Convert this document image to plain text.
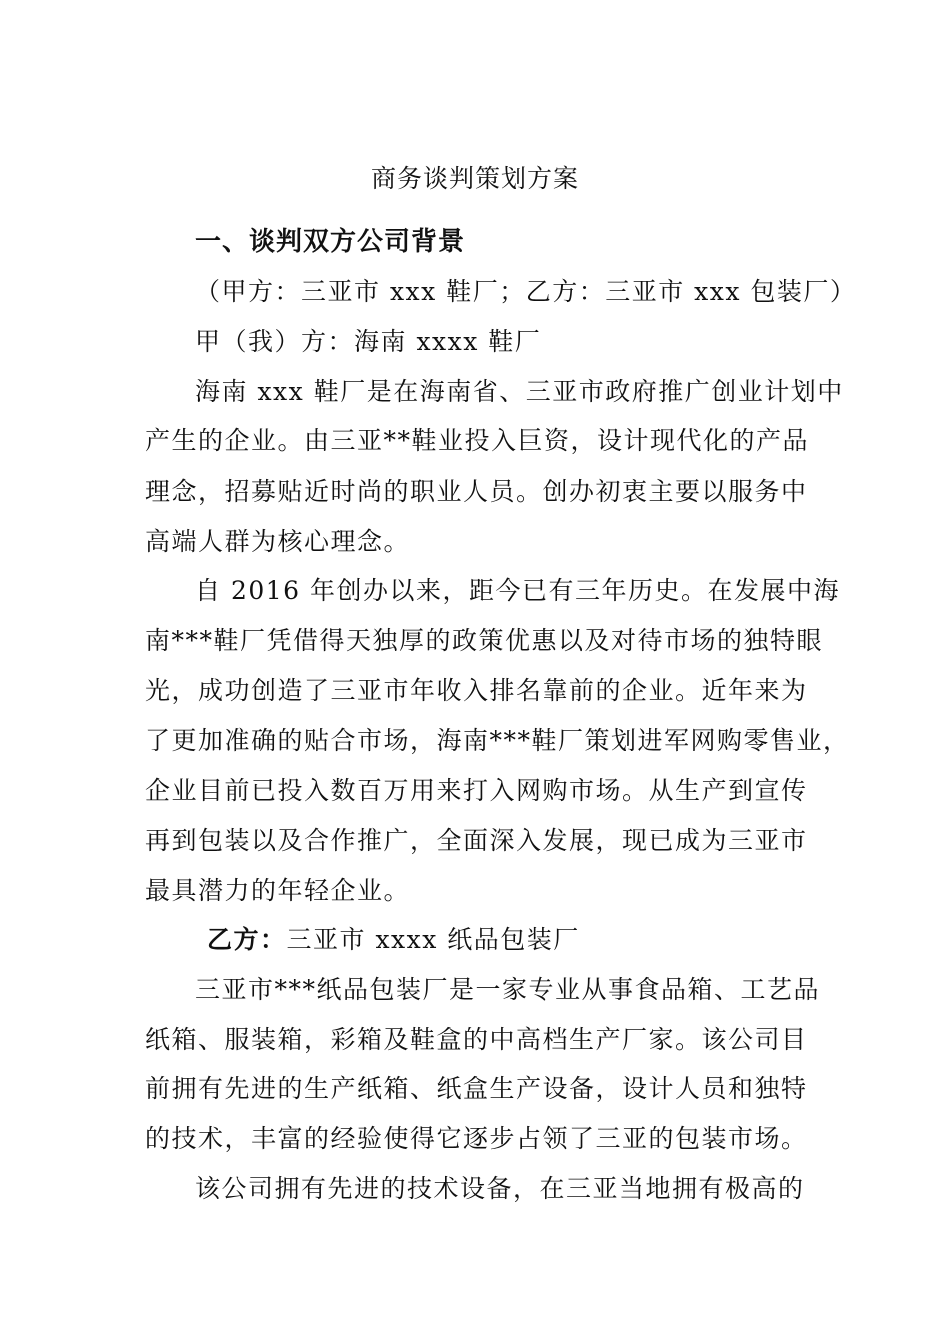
商务谈判策划方案
一、谈判双方公司背景
（甲方：三亚市 xxx 鞋厂；乙方：三亚市 xxx 包装厂）
甲（我）方：海南 xxxx 鞋厂
海南 xxx 鞋厂是在海南省、三亚市政府推广创业计划中
产生的企业。由三亚**鞋业投入巨资，设计现代化的产品
理念，招募贴近时尚的职业人员。创办初衷主要以服务中
高端人群为核心理念。
自 2016 年创办以来，距今已有三年历史。在发展中海
南***鞋厂凭借得天独厚的政策优惠以及对待市场的独特眼
光，成功创造了三亚市年收入排名靠前的企业。近年来为
了更加准确的贴合市场，海南***鞋厂策划进军网购零售业，
企业目前已投入数百万用来打入网购市场。从生产到宣传
再到包装以及合作推广，全面深入发展，现已成为三亚市
最具潜力的年轻企业。
乙方：三亚市 xxxx 纸品包装厂
三亚市***纸品包装厂是一家专业从事食品箱、工艺品
纸箱、服装箱，彩箱及鞋盒的中高档生产厂家。该公司目
前拥有先进的生产纸箱、纸盒生产设备，设计人员和独特
的技术，丰富的经验使得它逐步占领了三亚的包装市场。
该公司拥有先进的技术设备，在三亚当地拥有极高的
